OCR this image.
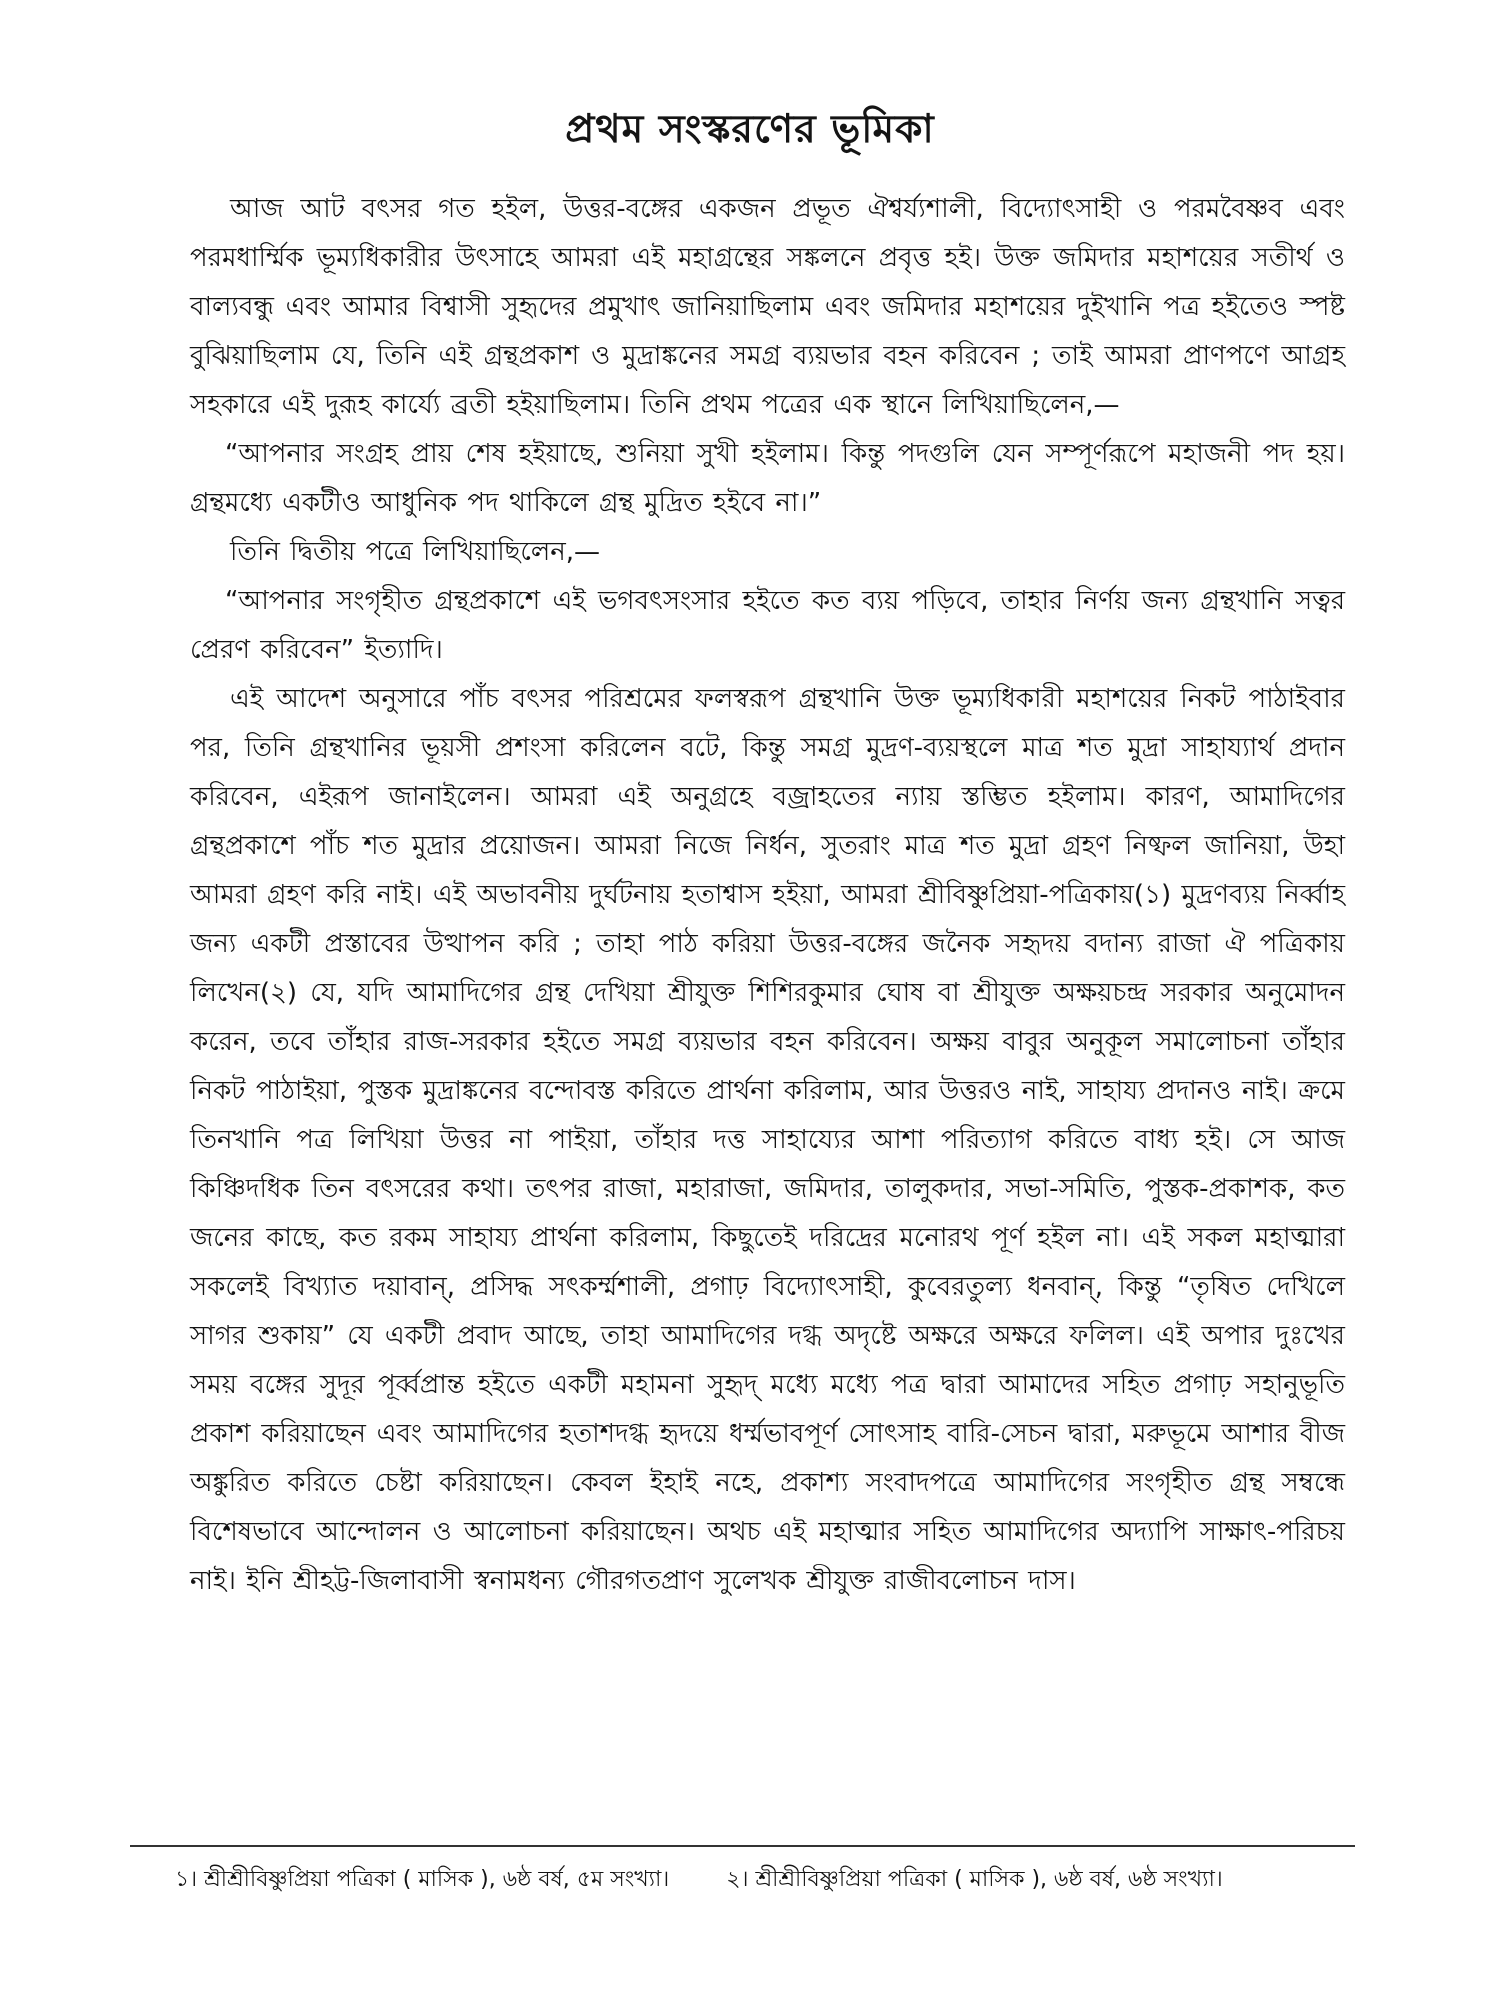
প্রথম সংস্করণের ভূমিকা

আজ আট বৎসর গত হইল, উত্তর-বঙ্গের একজন প্রভূত ঐশ্বর্য্যশালী, বিদ্যোৎসাহী ও পরমবৈষ্ণব এবং পরমধার্ম্মিক ভূম্যধিকারীর উৎসাহে আমরা এই মহাগ্রন্থের সঙ্কলনে প্রবৃত্ত হই। উক্ত জমিদার মহাশয়ের সতীর্থ ও বাল্যবন্ধু এবং আমার বিশ্বাসী সুহৃদের প্রমুখাৎ জানিয়াছিলাম এবং জমিদার মহাশয়ের দুইখানি পত্র হইতেও স্পষ্ট বুঝিয়াছিলাম যে, তিনি এই গ্রন্থপ্রকাশ ও মুদ্রাঙ্কনের সমগ্র ব্যয়ভার বহন করিবেন ; তাই আমরা প্রাণপণে আগ্রহ সহকারে এই দুরূহ কার্য্যে ব্রতী হইয়াছিলাম। তিনি প্রথম পত্রের এক স্থানে লিখিয়াছিলেন,—

“আপনার সংগ্রহ প্রায় শেষ হইয়াছে, শুনিয়া সুখী হইলাম। কিন্তু পদগুলি যেন সম্পূর্ণরূপে মহাজনী পদ হয়। গ্রন্থমধ্যে একটীও আধুনিক পদ থাকিলে গ্রন্থ মুদ্রিত হইবে না।”

তিনি দ্বিতীয় পত্রে লিখিয়াছিলেন,—

“আপনার সংগৃহীত গ্রন্থপ্রকাশে এই ভগবৎসংসার হইতে কত ব্যয় পড়িবে, তাহার নির্ণয় জন্য গ্রন্থখানি সত্বর প্রেরণ করিবেন” ইত্যাদি।

এই আদেশ অনুসারে পাঁচ বৎসর পরিশ্রমের ফলস্বরূপ গ্রন্থখানি উক্ত ভূম্যধিকারী মহাশয়ের নিকট পাঠাইবার পর, তিনি গ্রন্থখানির ভূয়সী প্রশংসা করিলেন বটে, কিন্তু সমগ্র মুদ্রণ-ব্যয়স্থলে মাত্র শত মুদ্রা সাহায্যার্থ প্রদান করিবেন, এইরূপ জানাইলেন। আমরা এই অনুগ্রহে বজ্রাহতের ন্যায় স্তম্ভিত হইলাম। কারণ, আমাদিগের গ্রন্থপ্রকাশে পাঁচ শত মুদ্রার প্রয়োজন। আমরা নিজে নির্ধন, সুতরাং মাত্র শত মুদ্রা গ্রহণ নিষ্ফল জানিয়া, উহা আমরা গ্রহণ করি নাই। এই অভাবনীয় দুর্ঘটনায় হতাশ্বাস হইয়া, আমরা শ্রীবিষ্ণুপ্রিয়া-পত্রিকায়(১) মুদ্রণব্যয় নির্ব্বাহ জন্য একটী প্রস্তাবের উত্থাপন করি ; তাহা পাঠ করিয়া উত্তর-বঙ্গের জনৈক সহৃদয় বদান্য রাজা ঐ পত্রিকায় লিখেন(২) যে, যদি আমাদিগের গ্রন্থ দেখিয়া শ্রীযুক্ত শিশিরকুমার ঘোষ বা শ্রীযুক্ত অক্ষয়চন্দ্র সরকার অনুমোদন করেন, তবে তাঁহার রাজ-সরকার হইতে সমগ্র ব্যয়ভার বহন করিবেন। অক্ষয় বাবুর অনুকূল সমালোচনা তাঁহার নিকট পাঠাইয়া, পুস্তক মুদ্রাঙ্কনের বন্দোবস্ত করিতে প্রার্থনা করিলাম, আর উত্তরও নাই, সাহায্য প্রদানও নাই। ক্রমে তিনখানি পত্র লিখিয়া উত্তর না পাইয়া, তাঁহার দত্ত সাহায্যের আশা পরিত্যাগ করিতে বাধ্য হই। সে আজ কিঞ্চিদধিক তিন বৎসরের কথা। তৎপর রাজা, মহারাজা, জমিদার, তালুকদার, সভা-সমিতি, পুস্তক-প্রকাশক, কত জনের কাছে, কত রকম সাহায্য প্রার্থনা করিলাম, কিছুতেই দরিদ্রের মনোরথ পূর্ণ হইল না। এই সকল মহাত্মারা সকলেই বিখ্যাত দয়াবান্‌, প্রসিদ্ধ সৎকর্ম্মশালী, প্রগাঢ় বিদ্যোৎসাহী, কুবেরতুল্য ধনবান্‌, কিন্তু “তৃষিত দেখিলে সাগর শুকায়” যে একটী প্রবাদ আছে, তাহা আমাদিগের দগ্ধ অদৃষ্টে অক্ষরে অক্ষরে ফলিল। এই অপার দুঃখের সময় বঙ্গের সুদূর পূর্ব্বপ্রান্ত হইতে একটী মহামনা সুহৃদ্‌ মধ্যে মধ্যে পত্র দ্বারা আমাদের সহিত প্রগাঢ় সহানুভূতি প্রকাশ করিয়াছেন এবং আমাদিগের হতাশদগ্ধ হৃদয়ে ধর্ম্মভাবপূর্ণ সোৎসাহ বারি-সেচন দ্বারা, মরুভূমে আশার বীজ অঙ্কুরিত করিতে চেষ্টা করিয়াছেন। কেবল ইহাই নহে, প্রকাশ্য সংবাদপত্রে আমাদিগের সংগৃহীত গ্রন্থ সম্বন্ধে বিশেষভাবে আন্দোলন ও আলোচনা করিয়াছেন। অথচ এই মহাত্মার সহিত আমাদিগের অদ্যাপি সাক্ষাৎ-পরিচয় নাই। ইনি শ্রীহট্ট-জিলাবাসী স্বনামধন্য গৌরগতপ্রাণ সুলেখক শ্রীযুক্ত রাজীবলোচন দাস।

১। শ্রীশ্রীবিষ্ণুপ্রিয়া পত্রিকা ( মাসিক ), ৬ষ্ঠ বর্ষ, ৫ম সংখ্যা।	২। শ্রীশ্রীবিষ্ণুপ্রিয়া পত্রিকা ( মাসিক ), ৬ষ্ঠ বর্ষ, ৬ষ্ঠ সংখ্যা।
